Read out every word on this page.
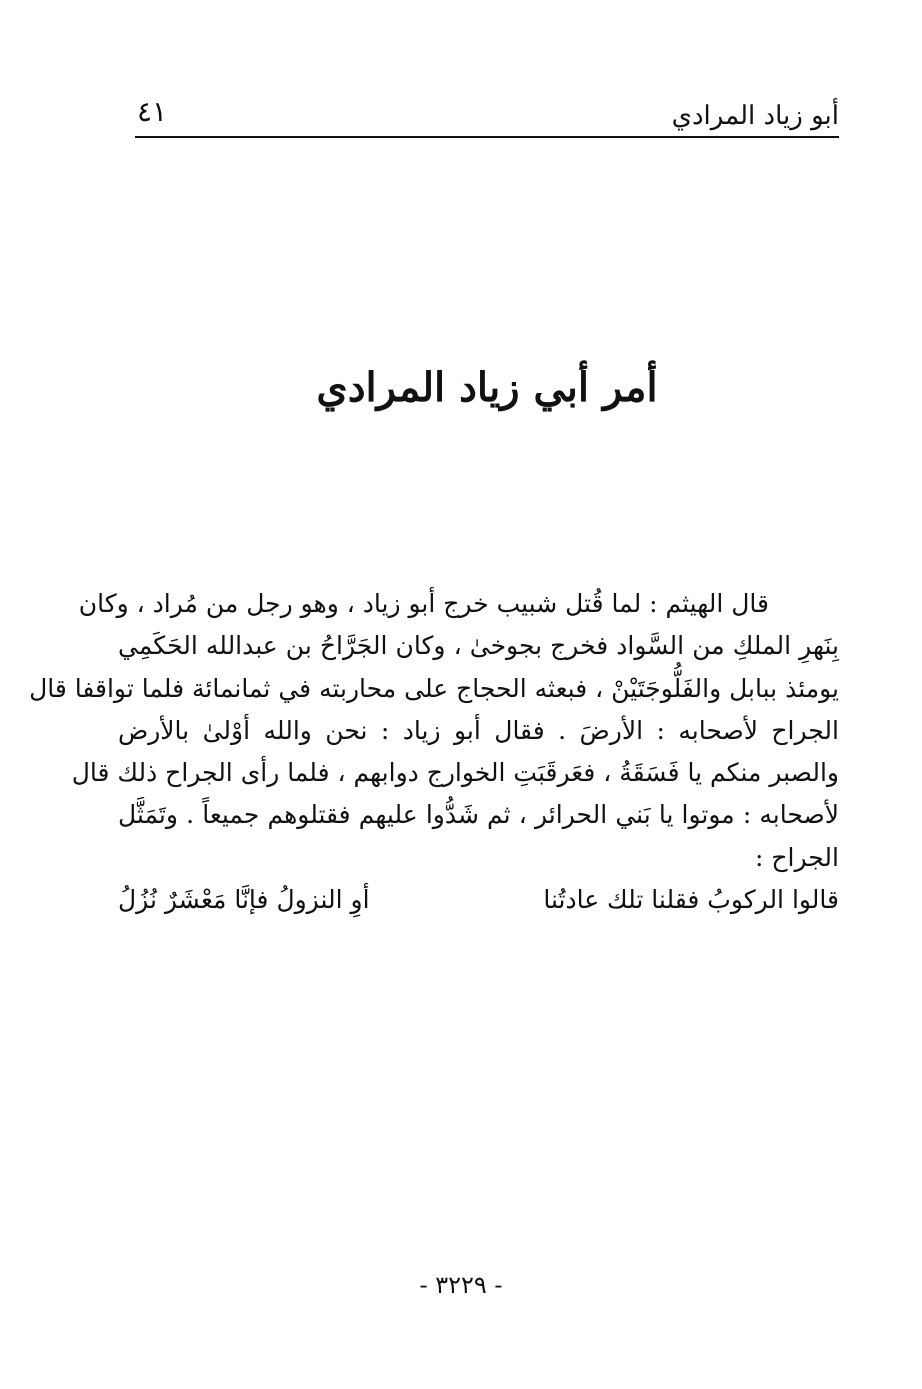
أبو زياد المرادي
٤١
أمر أبي زياد المرادي
قال الهيثم : لما قُتل شبيب خرج أبو زياد ، وهو رجل من مُراد ، وكان
بِنَهرِ الملكِ من السَّواد فخرج بجوخىٰ ، وكان الجَرَّاحُ بن عبدالله الحَكَمِي
يومئذ ببابل والفَلُّوجَتَيْنْ ، فبعثه الحجاج على محاربته في ثمانمائة فلما تواقفا قال
الجراح لأصحابه : الأرضَ . فقال أبو زياد : نحن والله أوْلىٰ بالأرض
والصبر منكم يا فَسَقَةُ ، فعَرقَبَتِ الخوارج دوابهم ، فلما رأى الجراح ذلك قال
لأصحابه : موتوا يا بَني الحرائر ، ثم شَدُّوا عليهم فقتلوهم جميعاً . وتَمَثَّل
الجراح :
قالوا الركوبُ فقلنا تلك عادتُنا
أوِ النزولُ فإنَّا مَعْشَرٌ نُزُلُ
- ٣٢٢٩ -
